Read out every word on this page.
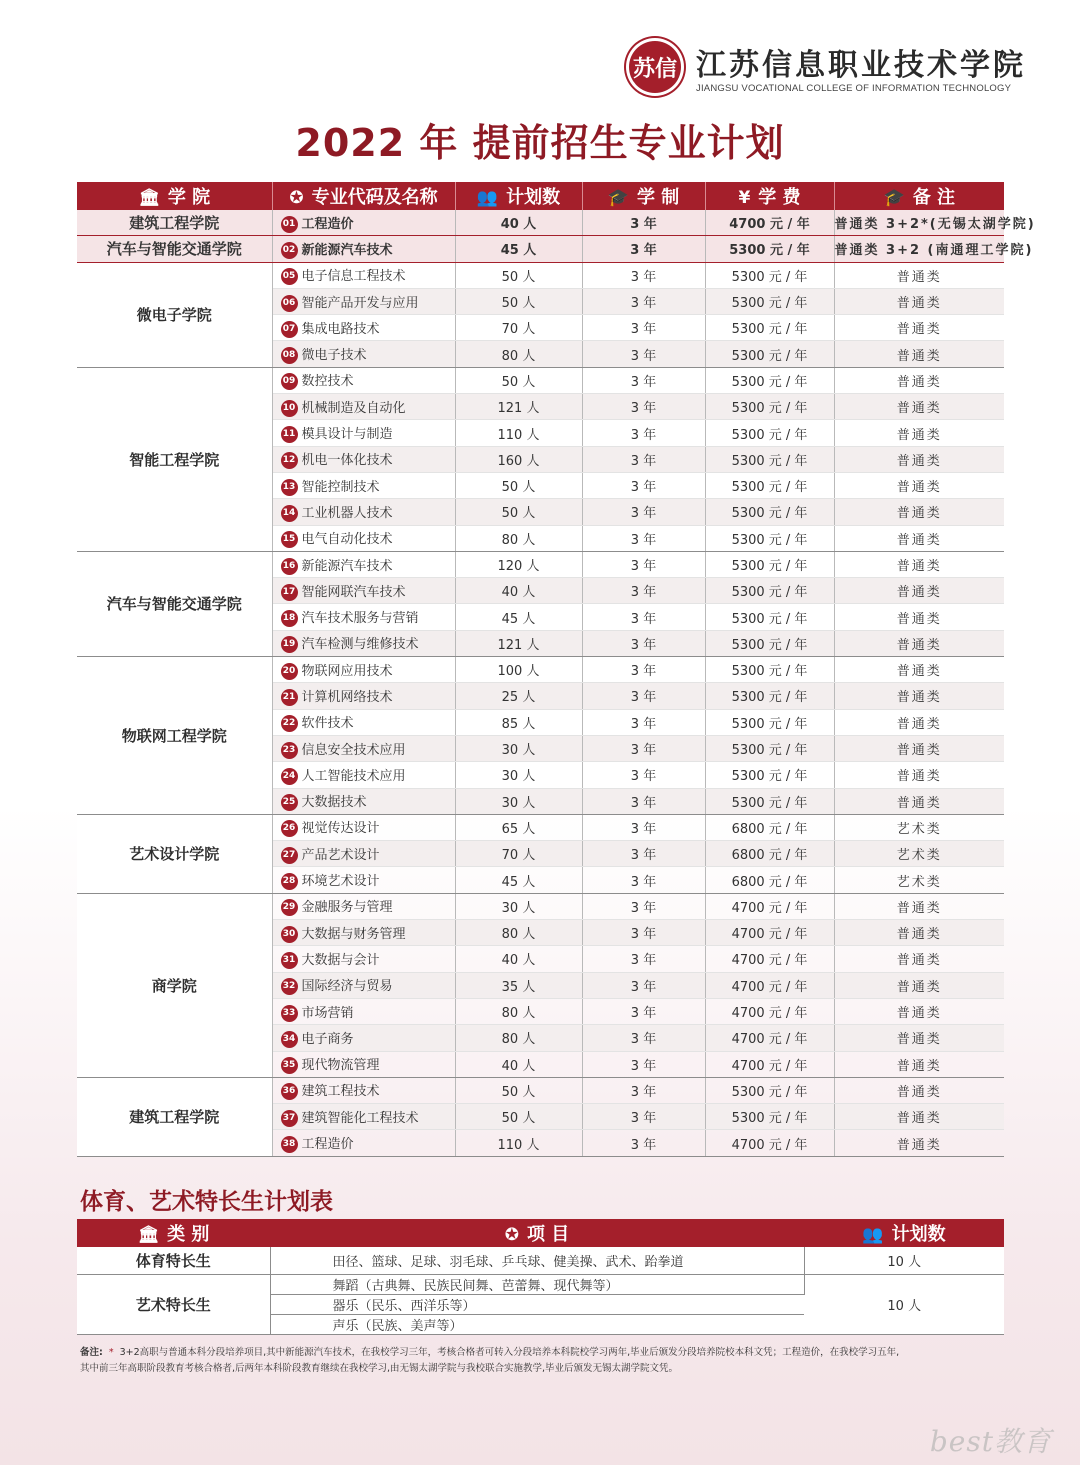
苏信 江苏信息职业技术学院
JIANGSU VOCATIONAL COLLEGE OF INFORMATION TECHNOLOGY
2022 年 提前招生专业计划
🏛 学 院	✪ 专业代码及名称	👥 计划数	🎓 学 制	¥ 学 费	🎓 备 注
建筑工程学院	01 工程造价	40 人	3 年	4700 元 / 年	普通类 3+2*(无锡太湖学院)
汽车与智能交通学院	02 新能源汽车技术	45 人	3 年	5300 元 / 年	普通类 3+2 (南通理工学院)
微电子学院	05 电子信息工程技术	50 人	3 年	5300 元 / 年	普通类
	06 智能产品开发与应用	50 人	3 年	5300 元 / 年	普通类
	07 集成电路技术	70 人	3 年	5300 元 / 年	普通类
	08 微电子技术	80 人	3 年	5300 元 / 年	普通类
智能工程学院	09 数控技术	50 人	3 年	5300 元 / 年	普通类
	10 机械制造及自动化	121 人	3 年	5300 元 / 年	普通类
	11 模具设计与制造	110 人	3 年	5300 元 / 年	普通类
	12 机电一体化技术	160 人	3 年	5300 元 / 年	普通类
	13 智能控制技术	50 人	3 年	5300 元 / 年	普通类
	14 工业机器人技术	50 人	3 年	5300 元 / 年	普通类
	15 电气自动化技术	80 人	3 年	5300 元 / 年	普通类
汽车与智能交通学院	16 新能源汽车技术	120 人	3 年	5300 元 / 年	普通类
	17 智能网联汽车技术	40 人	3 年	5300 元 / 年	普通类
	18 汽车技术服务与营销	45 人	3 年	5300 元 / 年	普通类
	19 汽车检测与维修技术	121 人	3 年	5300 元 / 年	普通类
物联网工程学院	20 物联网应用技术	100 人	3 年	5300 元 / 年	普通类
	21 计算机网络技术	25 人	3 年	5300 元 / 年	普通类
	22 软件技术	85 人	3 年	5300 元 / 年	普通类
	23 信息安全技术应用	30 人	3 年	5300 元 / 年	普通类
	24 人工智能技术应用	30 人	3 年	5300 元 / 年	普通类
	25 大数据技术	30 人	3 年	5300 元 / 年	普通类
艺术设计学院	26 视觉传达设计	65 人	3 年	6800 元 / 年	艺术类
	27 产品艺术设计	70 人	3 年	6800 元 / 年	艺术类
	28 环境艺术设计	45 人	3 年	6800 元 / 年	艺术类
商学院	29 金融服务与管理	30 人	3 年	4700 元 / 年	普通类
	30 大数据与财务管理	80 人	3 年	4700 元 / 年	普通类
	31 大数据与会计	40 人	3 年	4700 元 / 年	普通类
	32 国际经济与贸易	35 人	3 年	4700 元 / 年	普通类
	33 市场营销	80 人	3 年	4700 元 / 年	普通类
	34 电子商务	80 人	3 年	4700 元 / 年	普通类
	35 现代物流管理	40 人	3 年	4700 元 / 年	普通类
建筑工程学院	36 建筑工程技术	50 人	3 年	5300 元 / 年	普通类
	37 建筑智能化工程技术	50 人	3 年	5300 元 / 年	普通类
	38 工程造价	110 人	3 年	4700 元 / 年	普通类
体育、艺术特长生计划表
🏛 类 别	✪ 项 目	👥 计划数
体育特长生	田径、篮球、足球、羽毛球、乒乓球、健美操、武术、跆拳道	10 人
艺术特长生	舞蹈（古典舞、民族民间舞、芭蕾舞、现代舞等）	10 人
	器乐（民乐、西洋乐等）	
	声乐（民族、美声等）	

备注: * 3+2高职与普通本科分段培养项目,其中新能源汽车技术，在我校学习三年，考核合格者可转入分段培养本科院校学习两年,毕业后颁发分段培养院校本科文凭；工程造价，在我校学习五年,

其中前三年高职阶段教育考核合格者,后两年本科阶段教育继续在我校学习,由无锡太湖学院与我校联合实施教学,毕业后颁发无锡太湖学院文凭。

best教育
